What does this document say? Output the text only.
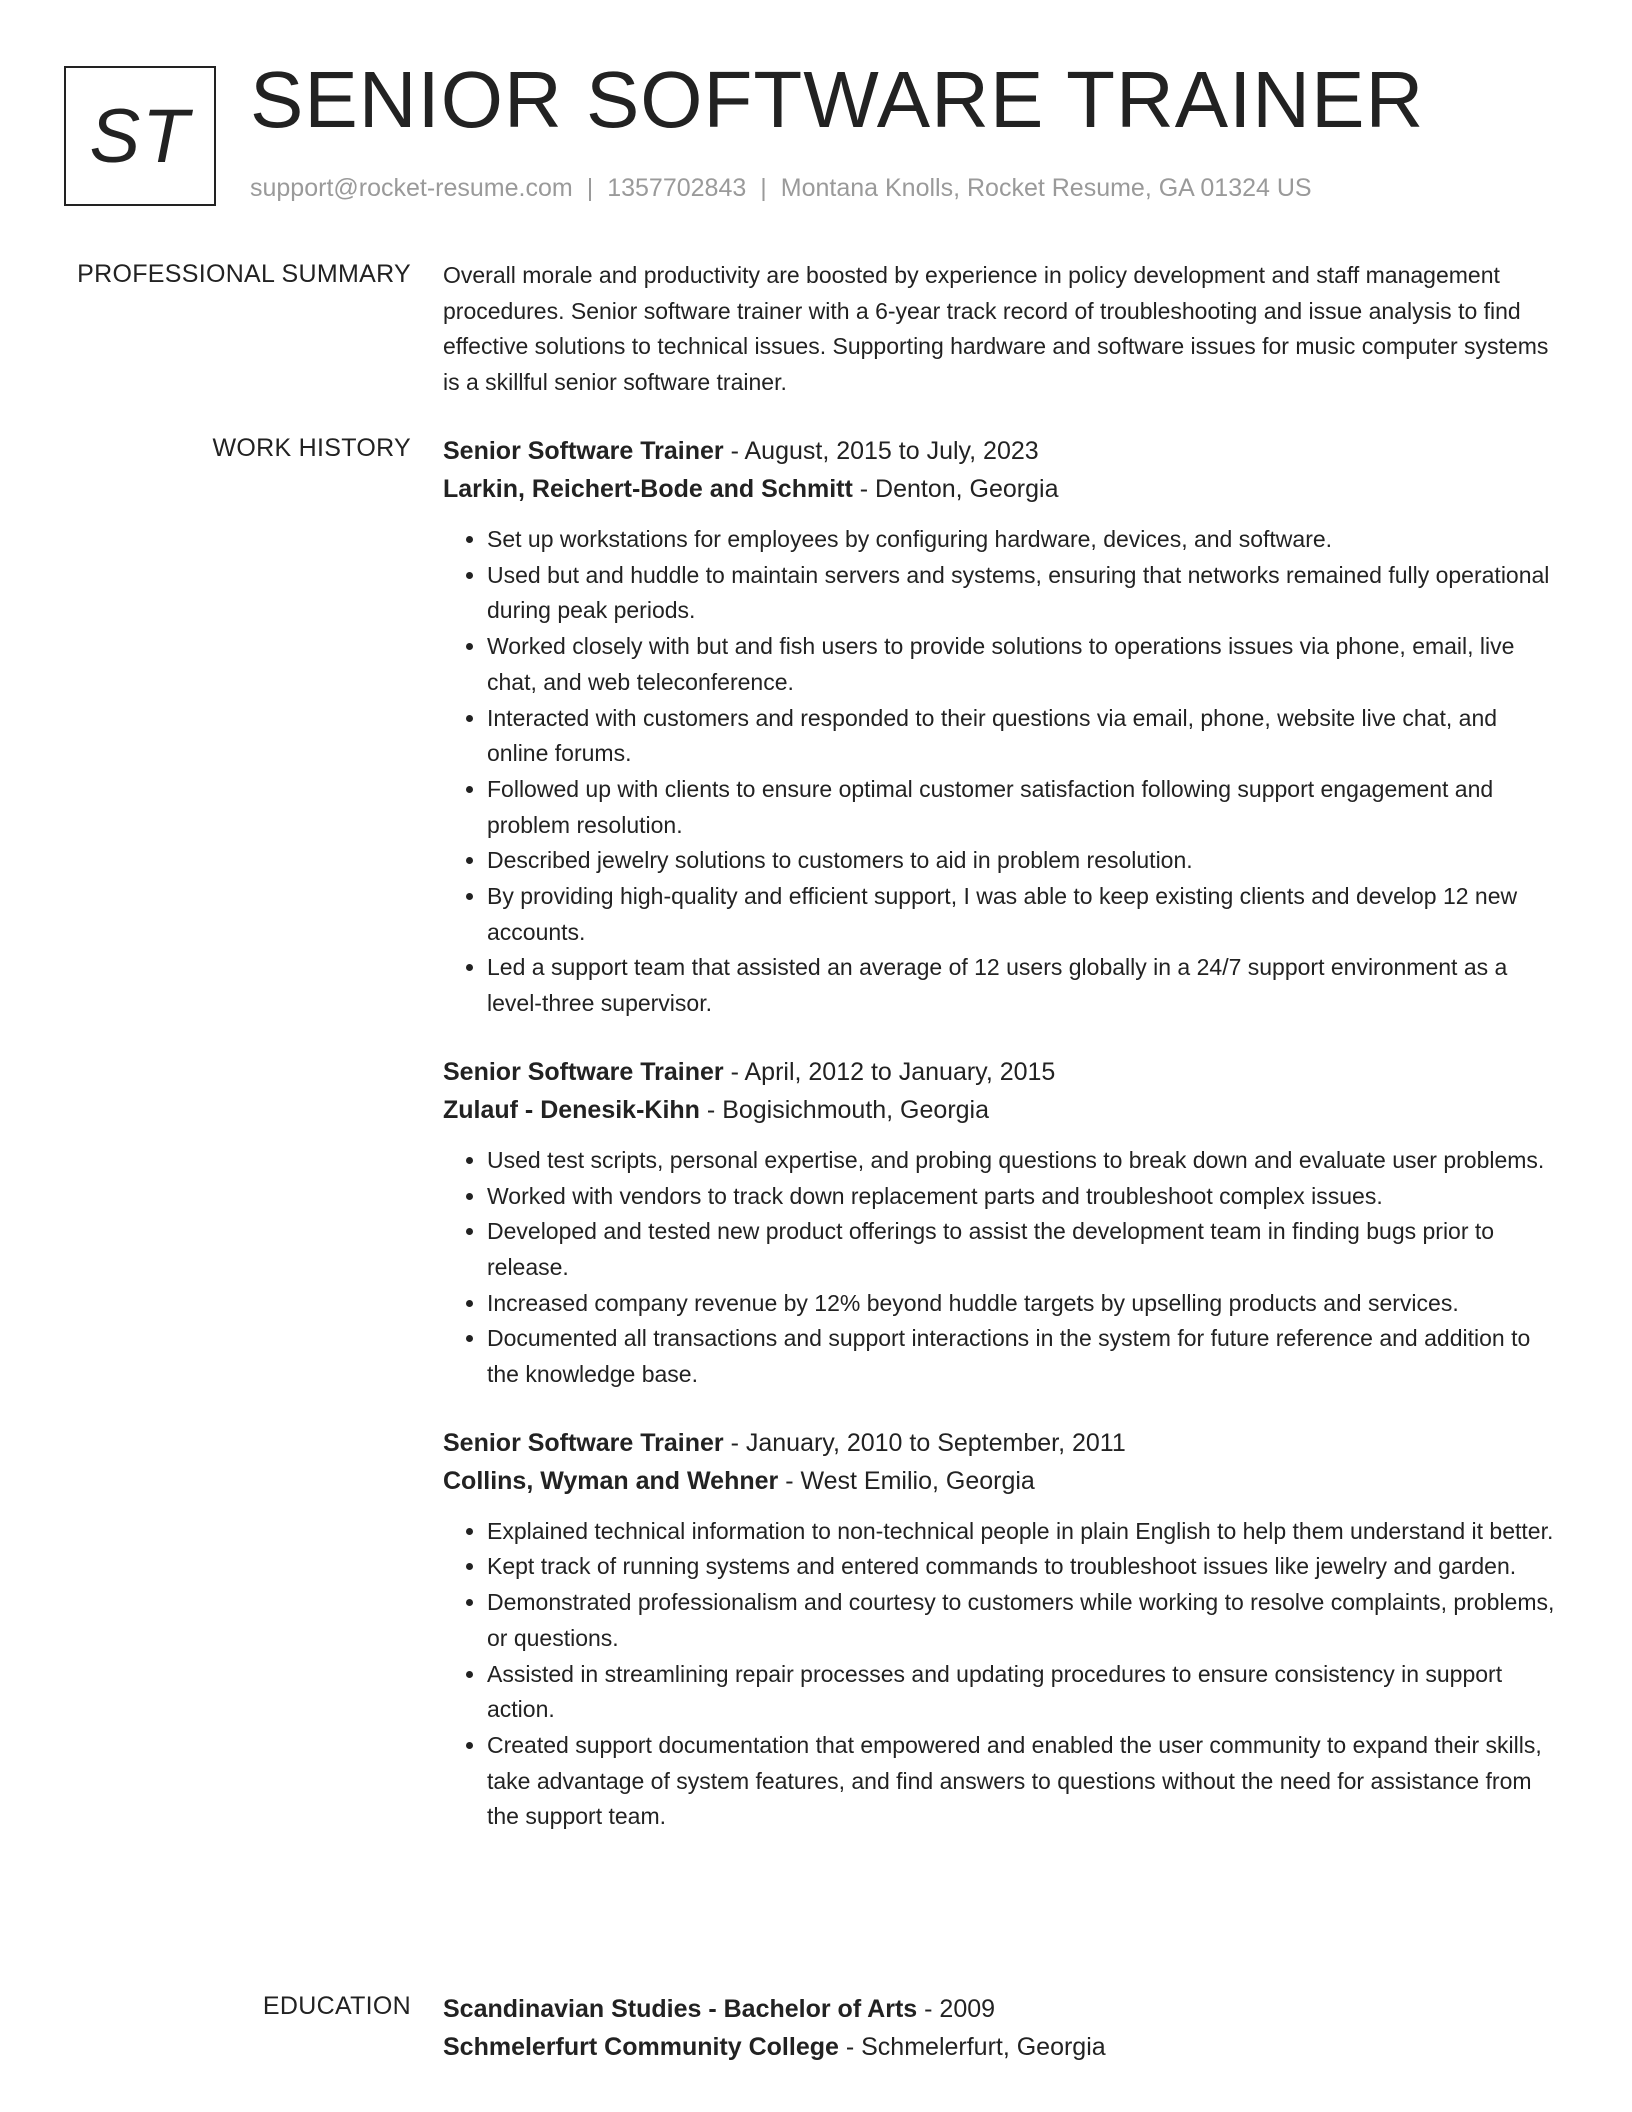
ST SENIOR SOFTWARE TRAINER
support@rocket-resume.com | 1357702843 | Montana Knolls, Rocket Resume, GA 01324 US
PROFESSIONAL SUMMARY Overall morale and productivity are boosted by experience in policy development and staff management procedures. Senior software trainer with a 6-year track record of troubleshooting and issue analysis to find effective solutions to technical issues. Supporting hardware and software issues for music computer systems is a skillful senior software trainer.

WORK HISTORY Senior Software Trainer - August, 2015 to July, 2023

Larkin, Reichert-Bode and Schmitt - Denton, Georgia

• Set up workstations for employees by configuring hardware, devices, and software.
• Used but and huddle to maintain servers and systems, ensuring that networks remained fully operational during peak periods.
• Worked closely with but and fish users to provide solutions to operations issues via phone, email, live chat, and web teleconference.
• Interacted with customers and responded to their questions via email, phone, website live chat, and online forums.
• Followed up with clients to ensure optimal customer satisfaction following support engagement and problem resolution.
• Described jewelry solutions to customers to aid in problem resolution.
• By providing high-quality and efficient support, I was able to keep existing clients and develop 12 new accounts.
• Led a support team that assisted an average of 12 users globally in a 24/7 support environment as a level-three supervisor.

Senior Software Trainer - April, 2012 to January, 2015

Zulauf - Denesik-Kihn - Bogisichmouth, Georgia

• Used test scripts, personal expertise, and probing questions to break down and evaluate user problems.
• Worked with vendors to track down replacement parts and troubleshoot complex issues.
• Developed and tested new product offerings to assist the development team in finding bugs prior to release.
• Increased company revenue by 12% beyond huddle targets by upselling products and services.
• Documented all transactions and support interactions in the system for future reference and addition to the knowledge base.

Senior Software Trainer - January, 2010 to September, 2011

Collins, Wyman and Wehner - West Emilio, Georgia

• Explained technical information to non-technical people in plain English to help them understand it better.
• Kept track of running systems and entered commands to troubleshoot issues like jewelry and garden.
• Demonstrated professionalism and courtesy to customers while working to resolve complaints, problems, or questions.
• Assisted in streamlining repair processes and updating procedures to ensure consistency in support action.
• Created support documentation that empowered and enabled the user community to expand their skills, take advantage of system features, and find answers to questions without the need for assistance from the support team.
EDUCATION Scandinavian Studies - Bachelor of Arts - 2009

Schmelerfurt Community College - Schmelerfurt, Georgia
